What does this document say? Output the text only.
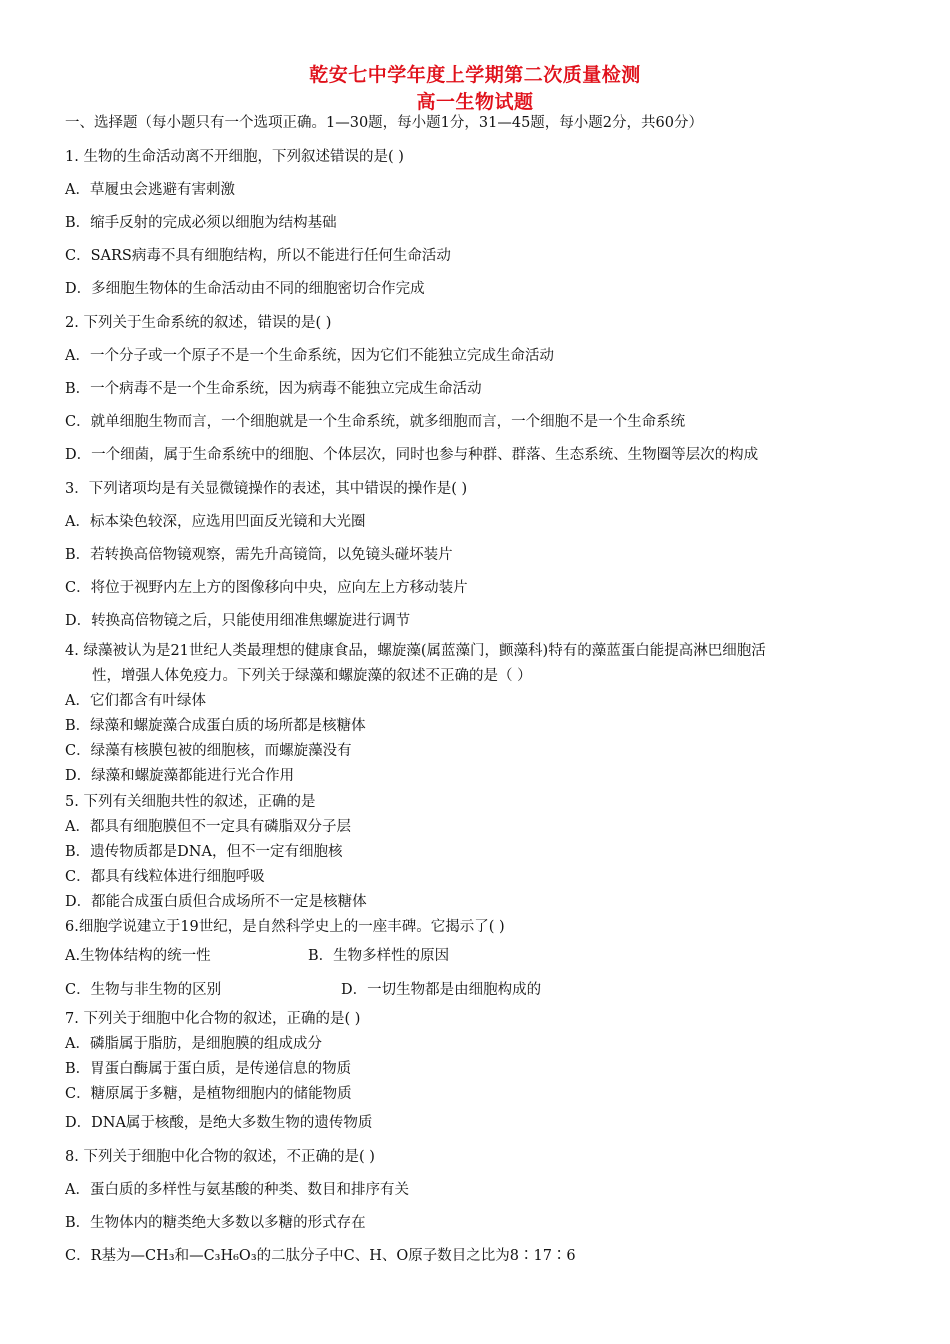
乾安七中学年度上学期第二次质量检测
高一生物试题
一、选择题（每小题只有一个选项正确。1—30题，每小题1分，31—45题，每小题2分，共60分）
1. 生物的生命活动离不开细胞，下列叙述错误的是( )
A．草履虫会逃避有害刺激
B．缩手反射的完成必须以细胞为结构基础
C．SARS病毒不具有细胞结构，所以不能进行任何生命活动
D．多细胞生物体的生命活动由不同的细胞密切合作完成
2. 下列关于生命系统的叙述，错误的是( )
A．一个分子或一个原子不是一个生命系统，因为它们不能独立完成生命活动
B．一个病毒不是一个生命系统，因为病毒不能独立完成生命活动
C．就单细胞生物而言，一个细胞就是一个生命系统，就多细胞而言，一个细胞不是一个生命系统
D．一个细菌，属于生命系统中的细胞、个体层次，同时也参与种群、群落、生态系统、生物圈等层次的构成
3．下列诸项均是有关显微镜操作的表述，其中错误的操作是( )
A．标本染色较深，应选用凹面反光镜和大光圈
B．若转换高倍物镜观察，需先升高镜筒，以免镜头碰坏装片
C．将位于视野内左上方的图像移向中央，应向左上方移动装片
D．转换高倍物镜之后，只能使用细准焦螺旋进行调节
4. 绿藻被认为是21世纪人类最理想的健康食品，螺旋藻(属蓝藻门，颤藻科)特有的藻蓝蛋白能提高淋巴细胞活
性，增强人体免疫力。下列关于绿藻和螺旋藻的叙述不正确的是（ ）
A．它们都含有叶绿体
B．绿藻和螺旋藻合成蛋白质的场所都是核糖体
C．绿藻有核膜包被的细胞核，而螺旋藻没有
D．绿藻和螺旋藻都能进行光合作用
5. 下列有关细胞共性的叙述，正确的是
A．都具有细胞膜但不一定具有磷脂双分子层
B．遗传物质都是DNA，但不一定有细胞核
C．都具有线粒体进行细胞呼吸
D．都能合成蛋白质但合成场所不一定是核糖体
6.细胞学说建立于19世纪，是自然科学史上的一座丰碑。它揭示了( )
A.生物体结构的统一性	B．生物多样性的原因
C．生物与非生物的区别	D．一切生物都是由细胞构成的
7. 下列关于细胞中化合物的叙述，正确的是( )
A．磷脂属于脂肪，是细胞膜的组成成分
B．胃蛋白酶属于蛋白质，是传递信息的物质
C．糖原属于多糖，是植物细胞内的储能物质
D．DNA属于核酸，是绝大多数生物的遗传物质
8. 下列关于细胞中化合物的叙述，不正确的是( )
A．蛋白质的多样性与氨基酸的种类、数目和排序有关
B．生物体内的糖类绝大多数以多糖的形式存在
C．R基为—CH₃和—C₃H₆O₃的二肽分子中C、H、O原子数目之比为8∶17∶6
